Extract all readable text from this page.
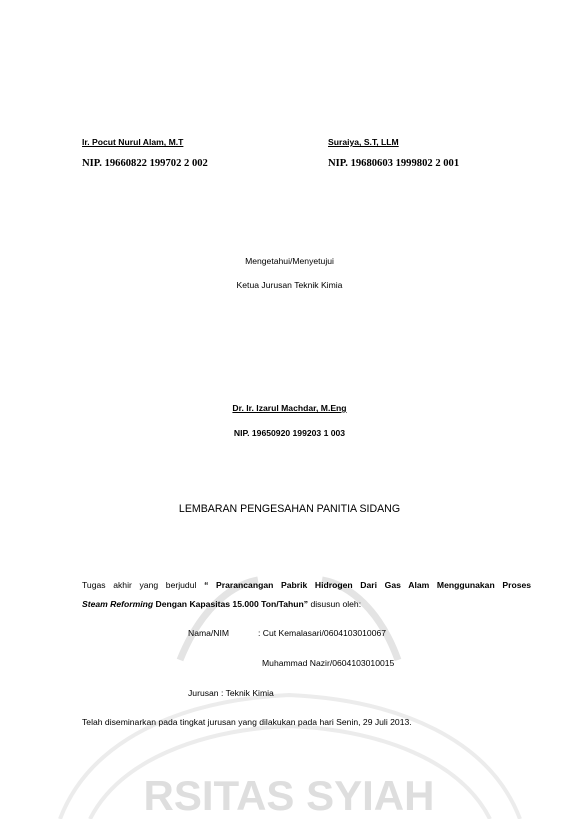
RSITAS SYIAH
Ir. Pocut Nurul Alam, M.T
NIP. 19660822 199702 2 002
Suraiya, S.T, LLM
NIP. 19680603 1999802 2 001
Mengetahui/Menyetujui
Ketua Jurusan Teknik Kimia
Dr. Ir. Izarul Machdar, M.Eng
NIP. 19650920 199203 1 003
LEMBARAN PENGESAHAN PANITIA SIDANG

Tugas akhir yang berjudul “ Prarancangan Pabrik Hidrogen Dari Gas Alam Menggunakan Proses

Steam Reforming Dengan Kapasitas 15.000 Ton/Tahun” disusun oleh:

Nama/NIM	: Cut Kemalasari/0604103010067
Muhammad Nazir/0604103010015
Jurusan : Teknik Kimia
Telah diseminarkan pada tingkat jurusan yang dilakukan pada hari Senin, 29 Juli 2013.
